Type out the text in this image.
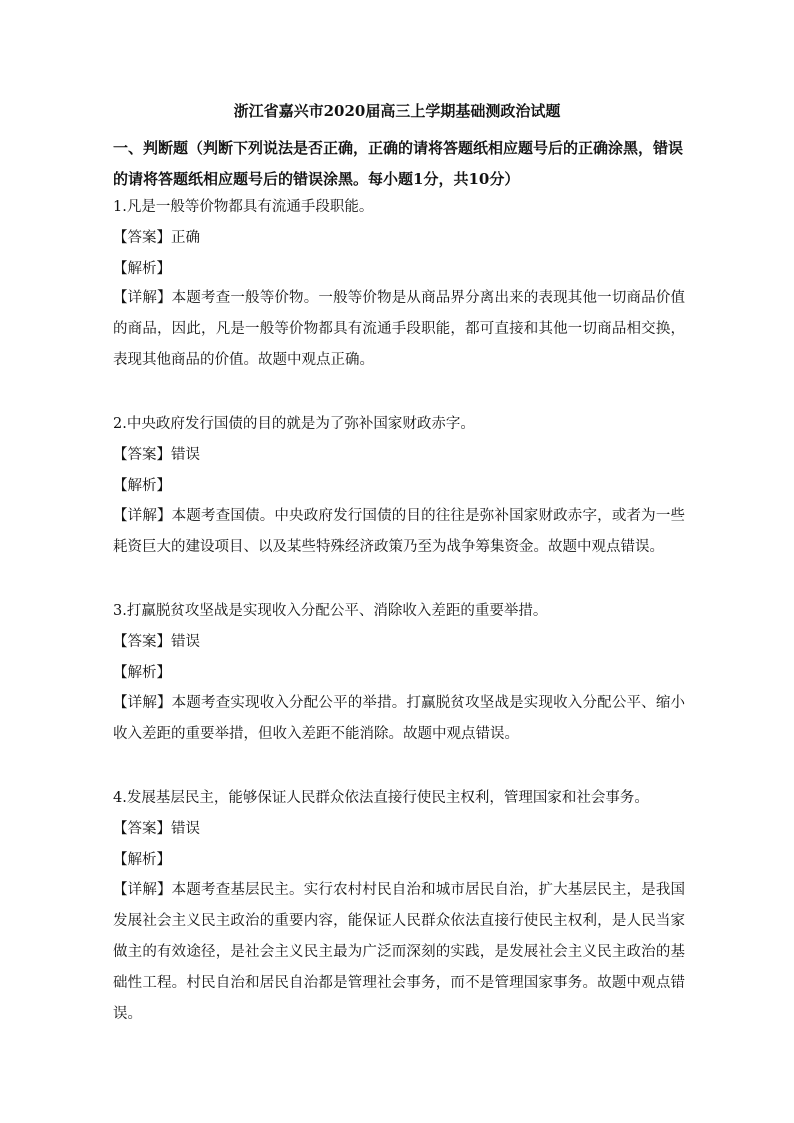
浙江省嘉兴市2020届高三上学期基础测政治试题
一、判断题（判断下列说法是否正确，正确的请将答题纸相应题号后的正确涂黑，错误的请将答题纸相应题号后的错误涂黑。每小题1分，共10分）
1.凡是一般等价物都具有流通手段职能。
【答案】正确
【解析】
【详解】本题考查一般等价物。一般等价物是从商品界分离出来的表现其他一切商品价值的商品，因此，凡是一般等价物都具有流通手段职能，都可直接和其他一切商品相交换，表现其他商品的价值。故题中观点正确。
2.中央政府发行国债的目的就是为了弥补国家财政赤字。
【答案】错误
【解析】
【详解】本题考查国债。中央政府发行国债的目的往往是弥补国家财政赤字，或者为一些耗资巨大的建设项目、以及某些特殊经济政策乃至为战争筹集资金。故题中观点错误。
3.打赢脱贫攻坚战是实现收入分配公平、消除收入差距的重要举措。
【答案】错误
【解析】
【详解】本题考查实现收入分配公平的举措。打赢脱贫攻坚战是实现收入分配公平、缩小收入差距的重要举措，但收入差距不能消除。故题中观点错误。
4.发展基层民主，能够保证人民群众依法直接行使民主权利，管理国家和社会事务。
【答案】错误
【解析】
【详解】本题考查基层民主。实行农村村民自治和城市居民自治，扩大基层民主，是我国发展社会主义民主政治的重要内容，能保证人民群众依法直接行使民主权利，是人民当家做主的有效途径，是社会主义民主最为广泛而深刻的实践，是发展社会主义民主政治的基础性工程。村民自治和居民自治都是管理社会事务，而不是管理国家事务。故题中观点错误。
